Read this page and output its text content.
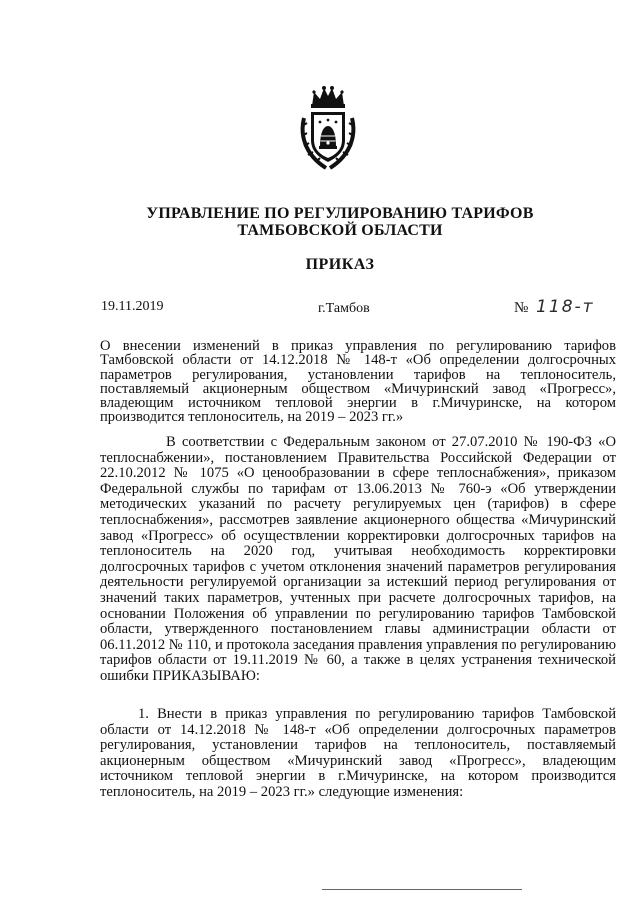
УПРАВЛЕНИЕ ПО РЕГУЛИРОВАНИЮ ТАРИФОВ
ТАМБОВСКОЙ ОБЛАСТИ
ПРИКАЗ
19.11.2019	г.Тамбов	№ 118-т
О внесении изменений в приказ управления по регулированию тарифов Тамбовской области от 14.12.2018 № 148-т «Об определении долгосрочных параметров регулирования, установлении тарифов на теплоноситель, поставляемый акционерным обществом «Мичуринский завод «Прогресс», владеющим источником тепловой энергии в г.Мичуринске, на котором производится теплоноситель, на 2019 – 2023 гг.»

В соответствии с Федеральным законом от 27.07.2010 № 190-ФЗ «О теплоснабжении», постановлением Правительства Российской Федерации от 22.10.2012 № 1075 «О ценообразовании в сфере теплоснабжения», приказом Федеральной службы по тарифам от 13.06.2013 № 760-э «Об утверждении методических указаний по расчету регулируемых цен (тарифов) в сфере теплоснабжения», рассмотрев заявление акционерного общества «Мичуринский завод «Прогресс» об осуществлении корректировки долгосрочных тарифов на теплоноситель на 2020 год, учитывая необходимость корректировки долгосрочных тарифов с учетом отклонения значений параметров регулирования деятельности регулируемой организации за истекший период регулирования от значений таких параметров, учтенных при расчете долгосрочных тарифов, на основании Положения об управлении по регулированию тарифов Тамбовской области, утвержденного постановлением главы администрации области от 06.11.2012 № 110, и протокола заседания правления управления по регулированию тарифов области от 19.11.2019 № 60, а также в целях устранения технической ошибки ПРИКАЗЫВАЮ:

1. Внести в приказ управления по регулированию тарифов Тамбовской области от 14.12.2018 № 148-т «Об определении долгосрочных параметров регулирования, установлении тарифов на теплоноситель, поставляемый акционерным обществом «Мичуринский завод «Прогресс», владеющим источником тепловой энергии в г.Мичуринске, на котором производится теплоноситель, на 2019 – 2023 гг.» следующие изменения:
